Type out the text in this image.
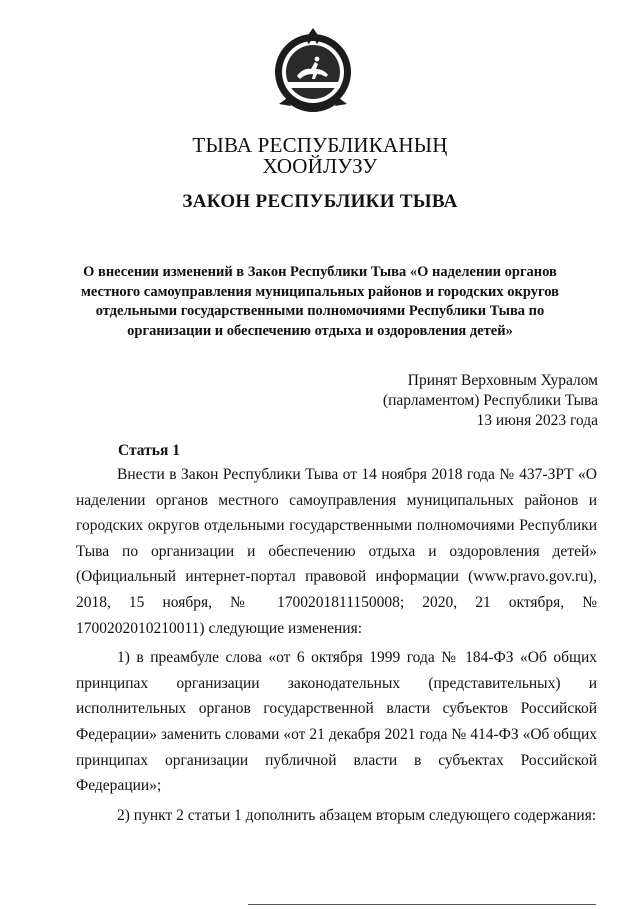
ТЫВА РЕСПУБЛИКАНЫҢ
ХООЙЛУЗУ
ЗАКОН РЕСПУБЛИКИ ТЫВА
О внесении изменений в Закон Республики Тыва «О наделении органов местного самоуправления муниципальных районов и городских округов отдельными государственными полномочиями Республики Тыва по организации и обеспечению отдыха и оздоровления детей»
Принят Верховным Хуралом
(парламентом) Республики Тыва
13 июня 2023 года
Статья 1

Внести в Закон Республики Тыва от 14 ноября 2018 года № 437-ЗРТ «О наделении органов местного самоуправления муниципальных районов и городских округов отдельными государственными полномочиями Республики Тыва по организации и обеспечению отдыха и оздоровления детей» (Официальный интернет-портал правовой информации (www.pravo.gov.ru), 2018, 15 ноября, № 1700201811150008; 2020, 21 октября, № 1700202010210011) следующие изменения:

1) в преамбуле слова «от 6 октября 1999 года № 184-ФЗ «Об общих принципах организации законодательных (представительных) и исполнительных органов государственной власти субъектов Российской Федерации» заменить словами «от 21 декабря 2021 года № 414-ФЗ «Об общих принципах организации публичной власти в субъектах Российской Федерации»;

2) пункт 2 статьи 1 дополнить абзацем вторым следующего содержания:
